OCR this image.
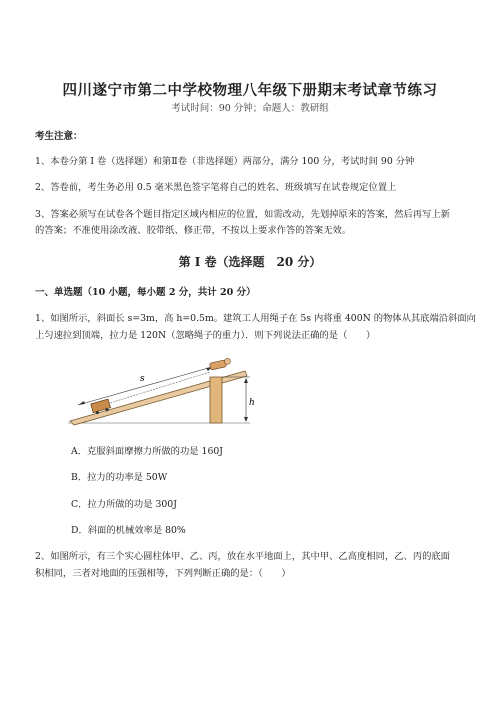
四川遂宁市第二中学校物理八年级下册期末考试章节练习
考试时间：90 分钟；命题人：教研组
考生注意：
1、本卷分第 I 卷（选择题）和第Ⅱ卷（非选择题）两部分，满分 100 分，考试时间 90 分钟
2、答卷前，考生务必用 0.5 毫米黑色签字笔将自己的姓名、班级填写在试卷规定位置上
3、答案必须写在试卷各个题目指定区域内相应的位置，如需改动，先划掉原来的答案，然后再写上新
的答案；不准使用涂改液、胶带纸、修正带，不按以上要求作答的答案无效。
第 I 卷（选择题　20 分）
一、单选题（10 小题，每小题 2 分，共计 20 分）
1、如图所示，斜面长 s=3m，高 h=0.5m。建筑工人用绳子在 5s 内将重 400N 的物体从其底端沿斜面向
上匀速拉到顶端，拉力是 120N（忽略绳子的重力）．则下列说法正确的是（　　）
h
s
A．克服斜面摩擦力所做的功是 160J
B．拉力的功率是 50W
C．拉力所做的功是 300J
D．斜面的机械效率是 80%
2、如图所示，有三个实心圆柱体甲、乙、丙，放在水平地面上，其中甲、乙高度相同，乙、丙的底面
积相同，三者对地面的压强相等，下列判断正确的是：（　　）
